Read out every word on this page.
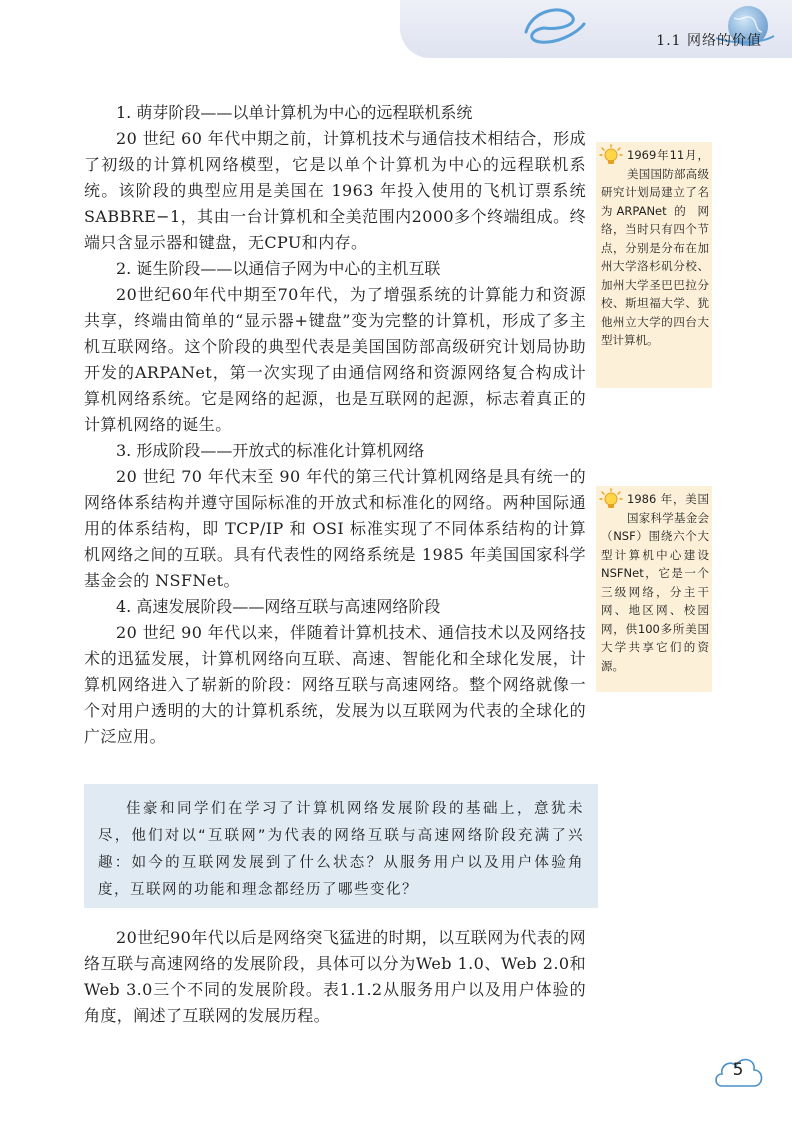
1.1 网络的价值

1. 萌芽阶段——以单计算机为中心的远程联机系统

20 世纪 60 年代中期之前，计算机技术与通信技术相结合，形成了初级的计算机网络模型，它是以单个计算机为中心的远程联机系统。该阶段的典型应用是美国在 1963 年投入使用的飞机订票系统SABBRE−1，其由一台计算机和全美范围内2000多个终端组成。终端只含显示器和键盘，无CPU和内存。

2. 诞生阶段——以通信子网为中心的主机互联

20世纪60年代中期至70年代，为了增强系统的计算能力和资源共享，终端由简单的“显示器+键盘”变为完整的计算机，形成了多主机互联网络。这个阶段的典型代表是美国国防部高级研究计划局协助开发的ARPANet，第一次实现了由通信网络和资源网络复合构成计算机网络系统。它是网络的起源，也是互联网的起源，标志着真正的计算机网络的诞生。

3. 形成阶段——开放式的标准化计算机网络

20 世纪 70 年代末至 90 年代的第三代计算机网络是具有统一的网络体系结构并遵守国际标准的开放式和标准化的网络。两种国际通用的体系结构，即 TCP/IP 和 OSI 标准实现了不同体系结构的计算机网络之间的互联。具有代表性的网络系统是 1985 年美国国家科学基金会的 NSFNet。

4. 高速发展阶段——网络互联与高速网络阶段

20 世纪 90 年代以来，伴随着计算机技术、通信技术以及网络技术的迅猛发展，计算机网络向互联、高速、智能化和全球化发展，计算机网络进入了崭新的阶段：网络互联与高速网络。整个网络就像一个对用户透明的大的计算机系统，发展为以互联网为代表的全球化的广泛应用。

1969年11月，美国国防部高级研究计划局建立了名为ARPANet 的 网络，当时只有四个节点，分别是分布在加州大学洛杉矶分校、加州大学圣巴巴拉分校、斯坦福大学、犹他州立大学的四台大型计算机。
1986 年，美国国家科学基金会（NSF）围绕六个大型计算机中心建设 NSFNet，它是一个三级网络，分主干网、地区网、校园网，供100多所美国大学共享它们的资源。

佳豪和同学们在学习了计算机网络发展阶段的基础上，意犹未尽，他们对以“互联网”为代表的网络互联与高速网络阶段充满了兴趣：如今的互联网发展到了什么状态？从服务用户以及用户体验角度，互联网的功能和理念都经历了哪些变化？

20世纪90年代以后是网络突飞猛进的时期，以互联网为代表的网络互联与高速网络的发展阶段，具体可以分为Web 1.0、Web 2.0和Web 3.0三个不同的发展阶段。表1.1.2从服务用户以及用户体验的角度，阐述了互联网的发展历程。

5
